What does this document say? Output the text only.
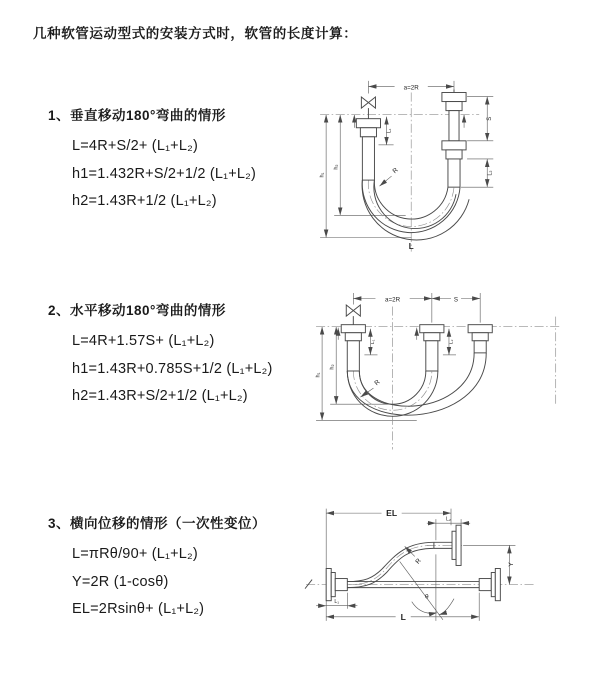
几种软管运动型式的安装方式时，软管的长度计算：
1、垂直移动180°弯曲的情形
L=4R+S/2+ (L₁+L₂)
h1=1.432R+S/2+1/2 (L₁+L₂)
h2=1.43R+1/2 (L₁+L₂)
2、水平移动180°弯曲的情形
L=4R+1.57S+ (L₁+L₂)
h1=1.43R+0.785S+1/2 (L₁+L₂)
h2=1.43R+S/2+1/2 (L₁+L₂)
3、横向位移的情形（一次性变位）
L=πRθ/90+ (L₁+L₂)
Y=2R (1-cosθ)
EL=2Rsinθ+ (L₁+L₂)
a=2R
S
L₂
L₁
h₂
h₁	R
L
a=2R	S
h₂
h₁
L₁	L₂
R
EL
L₂
Y
R
θ
L
L₁
